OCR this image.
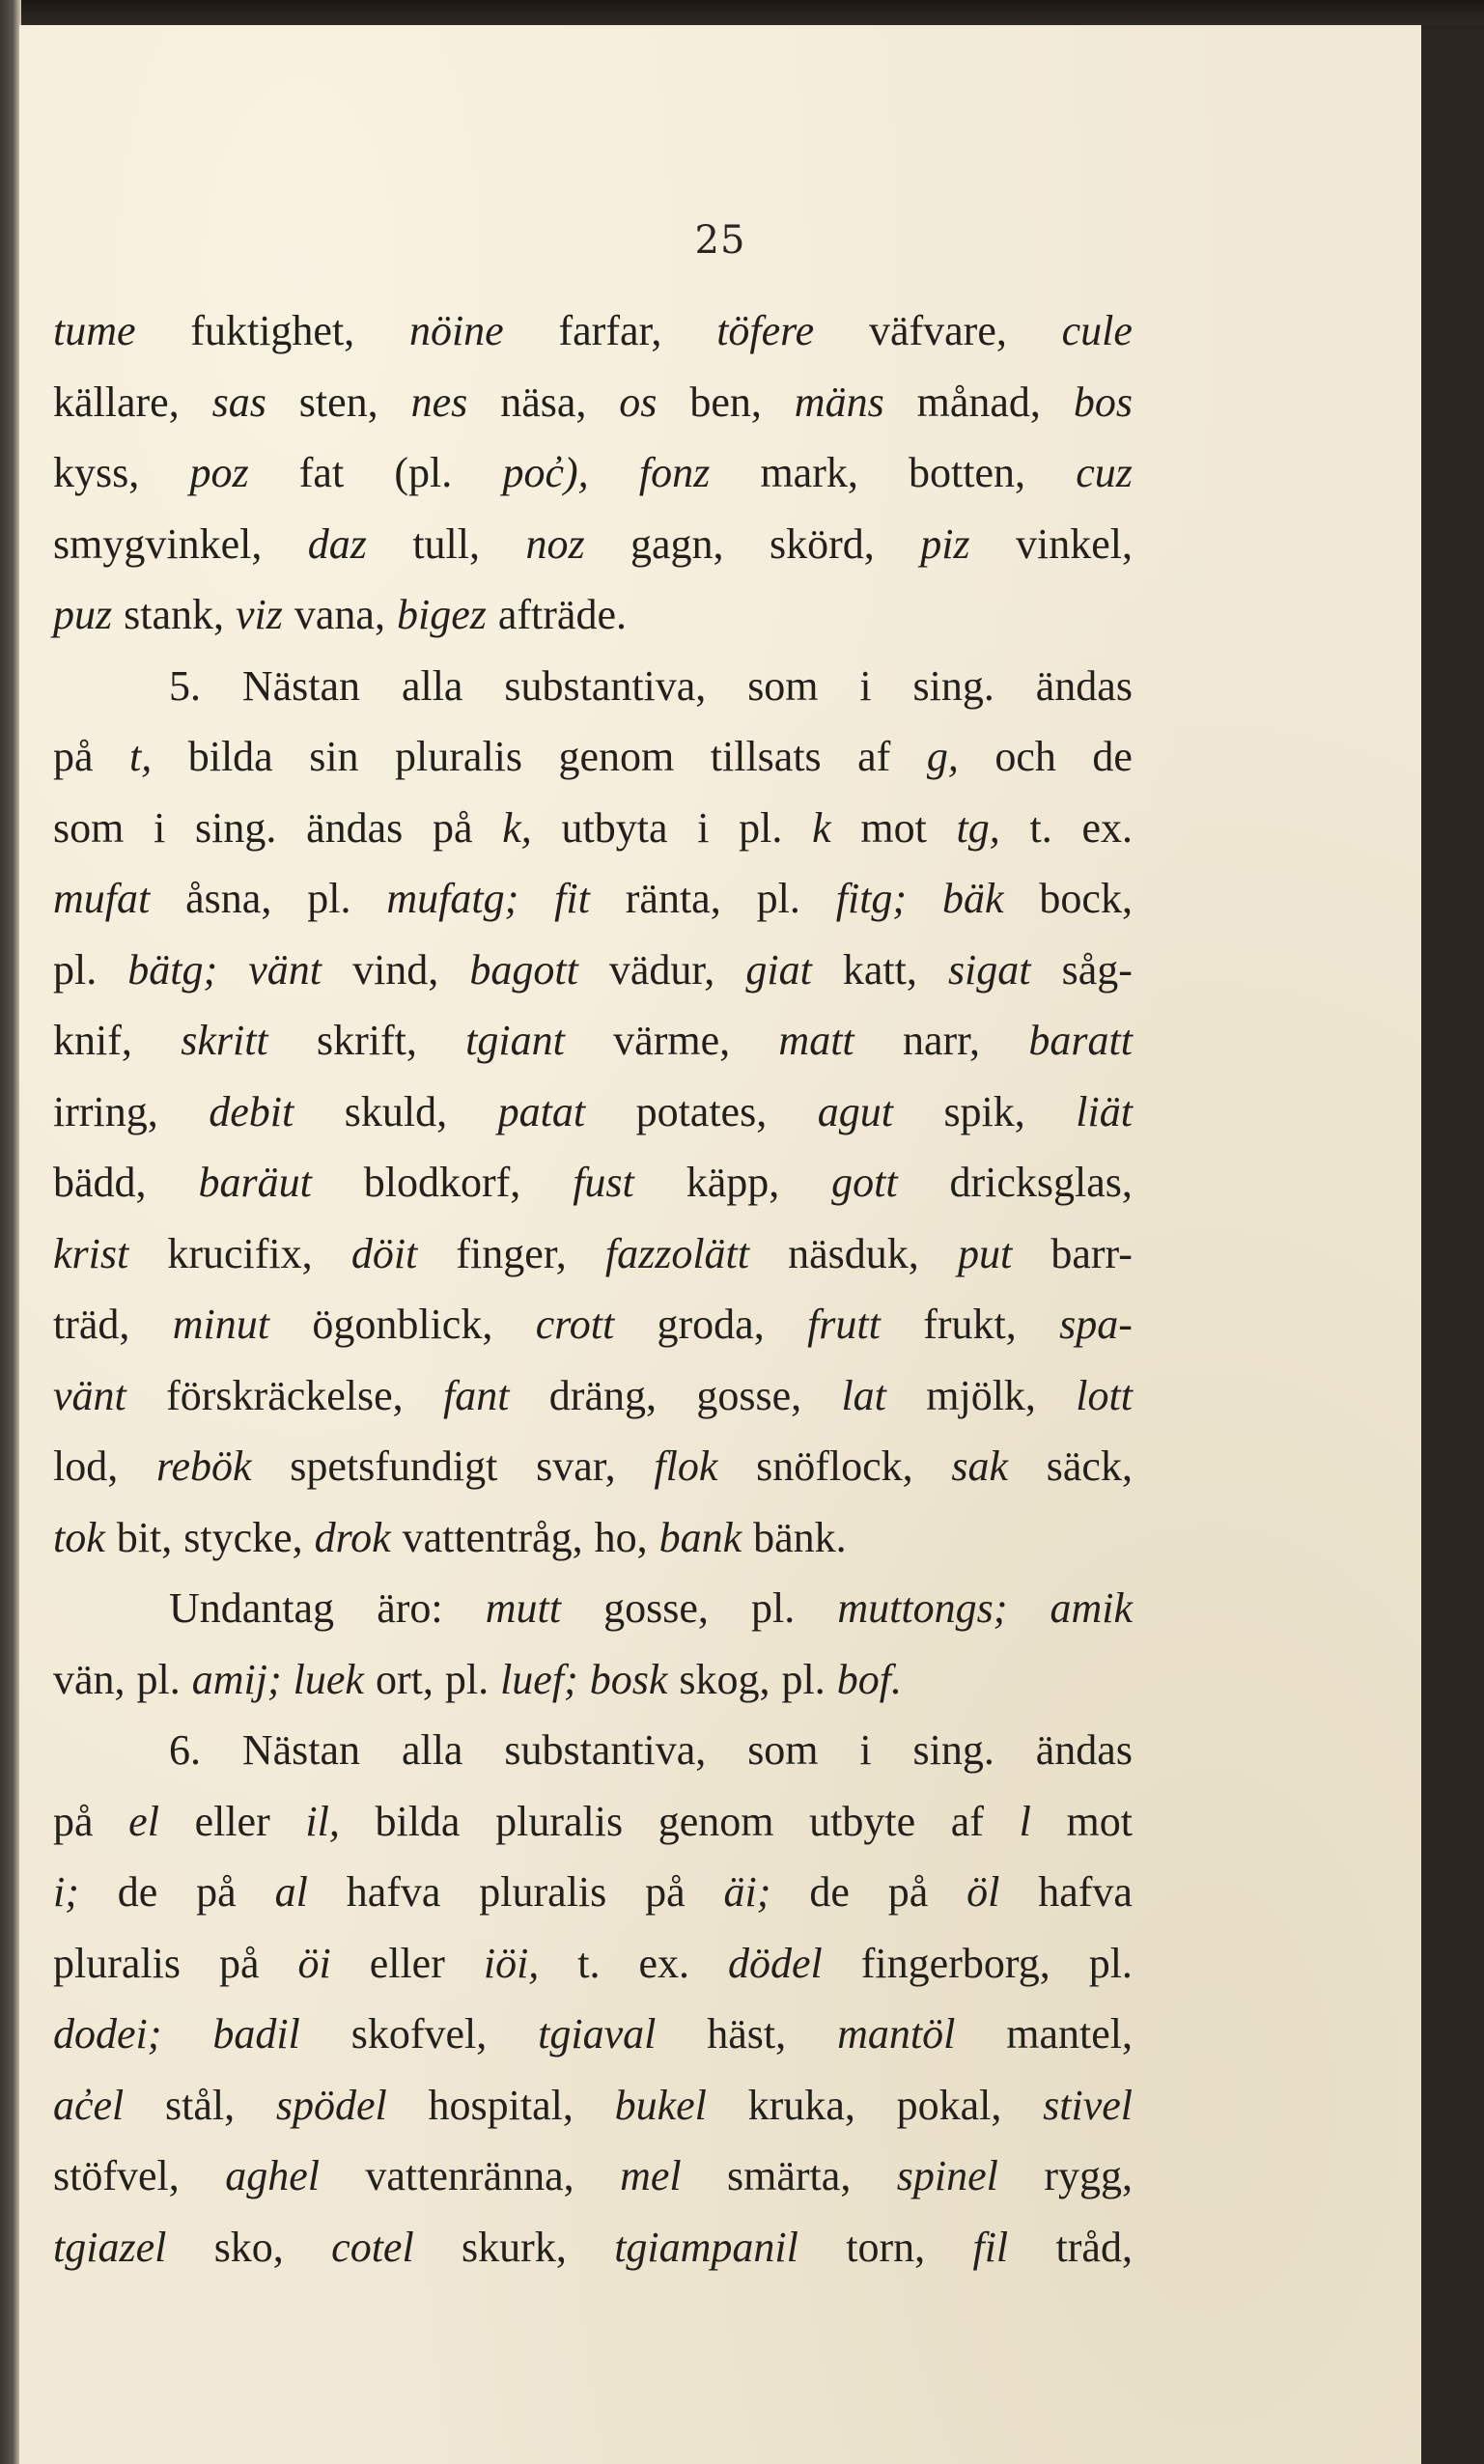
25
tume fuktighet, nöine farfar, töfere väfvare, cule
källare, sas sten, nes näsa, os ben, mäns månad, bos
kyss, poz fat (pl. poc̓), fonz mark, botten, cuz
smygvinkel, daz tull, noz gagn, skörd, piz vinkel,
puz stank, viz vana, bigez afträde.
5. Nästan alla substantiva, som i sing. ändas
på t, bilda sin pluralis genom tillsats af g, och de
som i sing. ändas på k, utbyta i pl. k mot tg, t. ex.
mufat åsna, pl. mufatg; fit ränta, pl. fitg; bäk bock,
pl. bätg; vänt vind, bagott vädur, giat katt, sigat såg-
knif, skritt skrift, tgiant värme, matt narr, baratt
irring, debit skuld, patat potates, agut spik, liät
bädd, baräut blodkorf, fust käpp, gott dricksglas,
krist krucifix, döit finger, fazzolätt näsduk, put barr-
träd, minut ögonblick, crott groda, frutt frukt, spa-
vänt förskräckelse, fant dräng, gosse, lat mjölk, lott
lod, rebök spetsfundigt svar, flok snöflock, sak säck,
tok bit, stycke, drok vattentråg, ho, bank bänk.
Undantag äro: mutt gosse, pl. muttongs; amik
vän, pl. amij; luek ort, pl. luef; bosk skog, pl. bof.
6. Nästan alla substantiva, som i sing. ändas
på el eller il, bilda pluralis genom utbyte af l mot
i; de på al hafva pluralis på äi; de på öl hafva
pluralis på öi eller iöi, t. ex. dödel fingerborg, pl.
dodei; badil skofvel, tgiaval häst, mantöl mantel,
ac̓el stål, spödel hospital, bukel kruka, pokal, stivel
stöfvel, aghel vattenränna, mel smärta, spinel rygg,
tgiazel sko, cotel skurk, tgiampanil torn, fil tråd,
